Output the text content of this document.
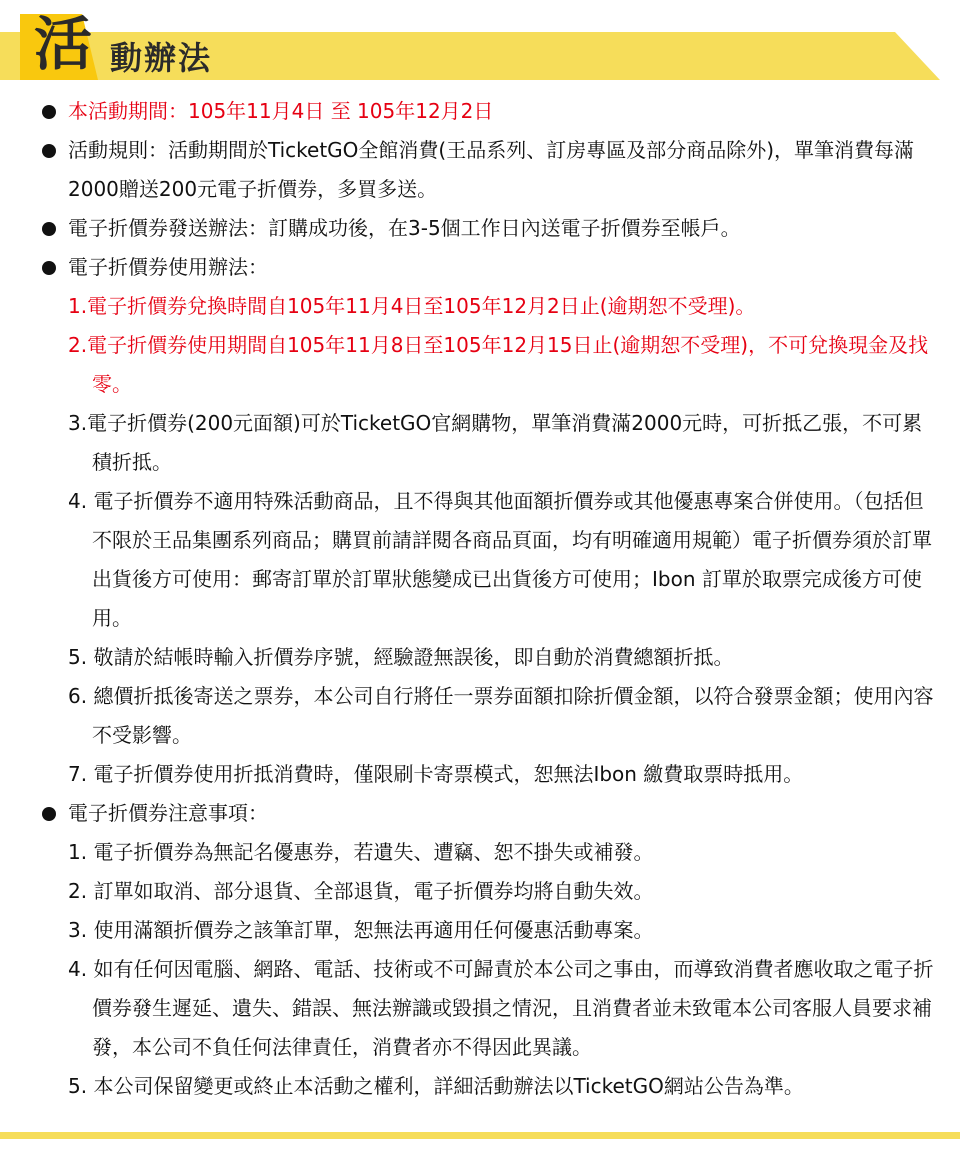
活 動辦法
本活動期間：105年11月4日 至 105年12月2日
活動規則：活動期間於TicketGO全館消費(王品系列、訂房專區及部分商品除外)，單筆消費每滿2000贈送200元電子折價券，多買多送。
電子折價券發送辦法：訂購成功後，在3-5個工作日內送電子折價券至帳戶。
電子折價券使用辦法：
1.電子折價券兌換時間自105年11月4日至105年12月2日止(逾期恕不受理)。
2.電子折價券使用期間自105年11月8日至105年12月15日止(逾期恕不受理)，不可兌換現金及找零。
3.電子折價券(200元面額)可於TicketGO官網購物，單筆消費滿2000元時，可折抵乙張，不可累積折抵。
4. 電子折價券不適用特殊活動商品，且不得與其他面額折價券或其他優惠專案合併使用。（包括但不限於王品集團系列商品；購買前請詳閱各商品頁面，均有明確適用規範）電子折價券須於訂單出貨後方可使用：郵寄訂單於訂單狀態變成已出貨後方可使用；Ibon 訂單於取票完成後方可使用。
5. 敬請於結帳時輸入折價券序號，經驗證無誤後，即自動於消費總額折抵。
6. 總價折抵後寄送之票券，本公司自行將任一票券面額扣除折價金額，以符合發票金額；使用內容不受影響。
7. 電子折價券使用折抵消費時，僅限刷卡寄票模式，恕無法Ibon 繳費取票時抵用。
電子折價券注意事項：
1. 電子折價券為無記名優惠券，若遺失、遭竊、恕不掛失或補發。
2. 訂單如取消、部分退貨、全部退貨，電子折價券均將自動失效。
3. 使用滿額折價券之該筆訂單，恕無法再適用任何優惠活動專案。
4. 如有任何因電腦、網路、電話、技術或不可歸責於本公司之事由，而導致消費者應收取之電子折價券發生遲延、遺失、錯誤、無法辦識或毀損之情況，且消費者並未致電本公司客服人員要求補發，本公司不負任何法律責任，消費者亦不得因此異議。
5. 本公司保留變更或終止本活動之權利，詳細活動辦法以TicketGO網站公告為準。
